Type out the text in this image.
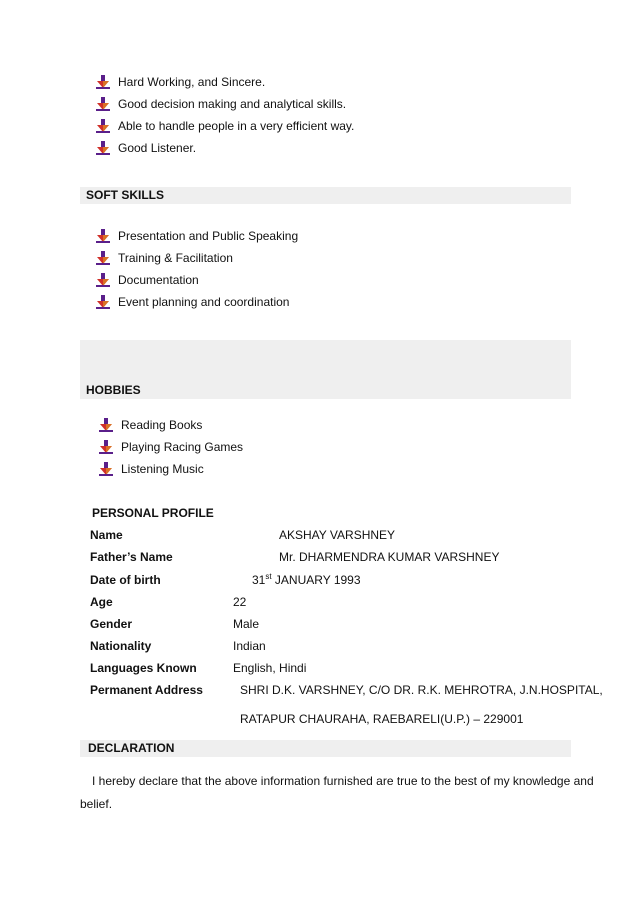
Hard Working, and Sincere.
Good decision making and analytical skills.
Able to handle people in a very efficient way.
Good Listener.
SOFT SKILLS
Presentation and Public Speaking
Training & Facilitation
Documentation
Event planning and coordination
HOBBIES
Reading Books
Playing Racing Games
Listening Music
PERSONAL PROFILE
Name	AKSHAY VARSHNEY
Father’s Name	Mr. DHARMENDRA KUMAR VARSHNEY
Date of birth	31st JANUARY 1993
Age	22
Gender	Male
Nationality	Indian
Languages Known	English, Hindi
Permanent Address	SHRI D.K. VARSHNEY, C/O DR. R.K. MEHROTRA, J.N.HOSPITAL,
RATAPUR CHAURAHA, RAEBARELI(U.P.) – 229001
DECLARATION
I hereby declare that the above information furnished are true to the best of my knowledge and
belief.
